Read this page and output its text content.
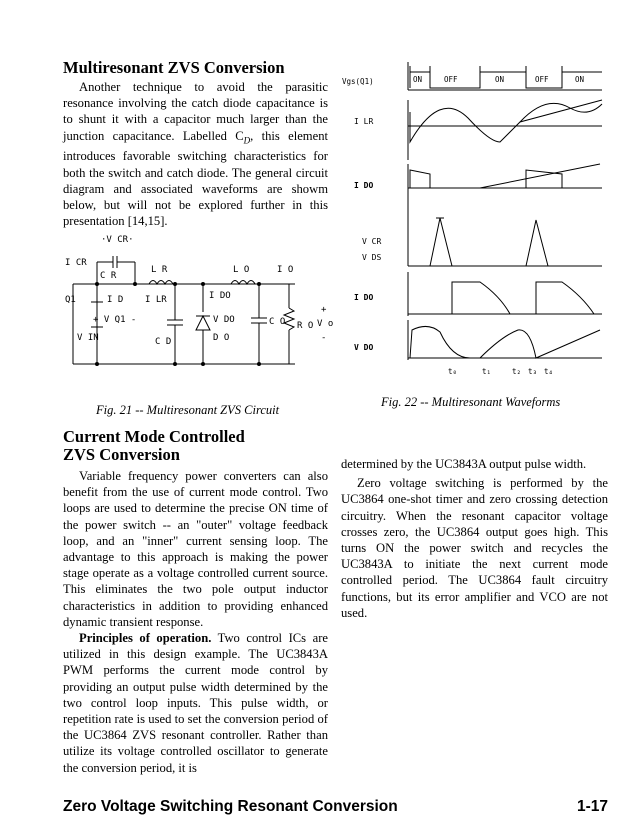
Multiresonant ZVS Conversion

Another technique to avoid the parasitic resonance involving the catch diode capacitance is to shunt it with a capacitor much larger than the junction capacitance. Labelled $C_D$, this element introduces favorable switching characteristics for both the switch and catch diode. The general circuit diagram and associated waveforms are showm below, but will not be explored further in this presentation [14,15].

·V CR·
I CR
C R
L R	L O	I O
Q1	I D I LR	I DO
+ V Q1 -
V IN	C D
V DO
D O
C O R O V o
+
-
Fig. 21 -- Multiresonant ZVS Circuit
Vgs(Q1)	ON	OFF	ON	OFF	ON
I LR
I DO
V CR
V DS
I DO
V DO
t₀	t₁	t₂ t₃ t₄
Fig. 22 -- Multiresonant Waveforms
Current Mode Controlled
ZVS Conversion

Variable frequency power converters can also benefit from the use of current mode control. Two loops are used to determine the precise ON time of the power switch -- an "outer" voltage feedback loop, and an "inner" current sensing loop. The advantage to this approach is making the power stage operate as a voltage controlled current source. This eliminates the two pole output inductor characteristics in addition to providing enhanced dynamic transient response.

Principles of operation. Two control ICs are utilized in this design example. The UC3843A PWM performs the current mode control by providing an output pulse width determined by the two control loop inputs. This pulse width, or repetition rate is used to set the conversion period of the UC3864 ZVS resonant controller. Rather than utilize its voltage controlled oscillator to generate the conversion period, it is

determined by the UC3843A output pulse width.

Zero voltage switching is performed by the UC3864 one-shot timer and zero crossing detection circuitry. When the resonant capacitor voltage crosses zero, the UC3864 output goes high. This turns ON the power switch and recycles the UC3843A to initiate the next current mode controlled period. The UC3864 fault circuitry functions, but its error amplifier and VCO are not used.

Zero Voltage Switching Resonant Conversion	1-17
